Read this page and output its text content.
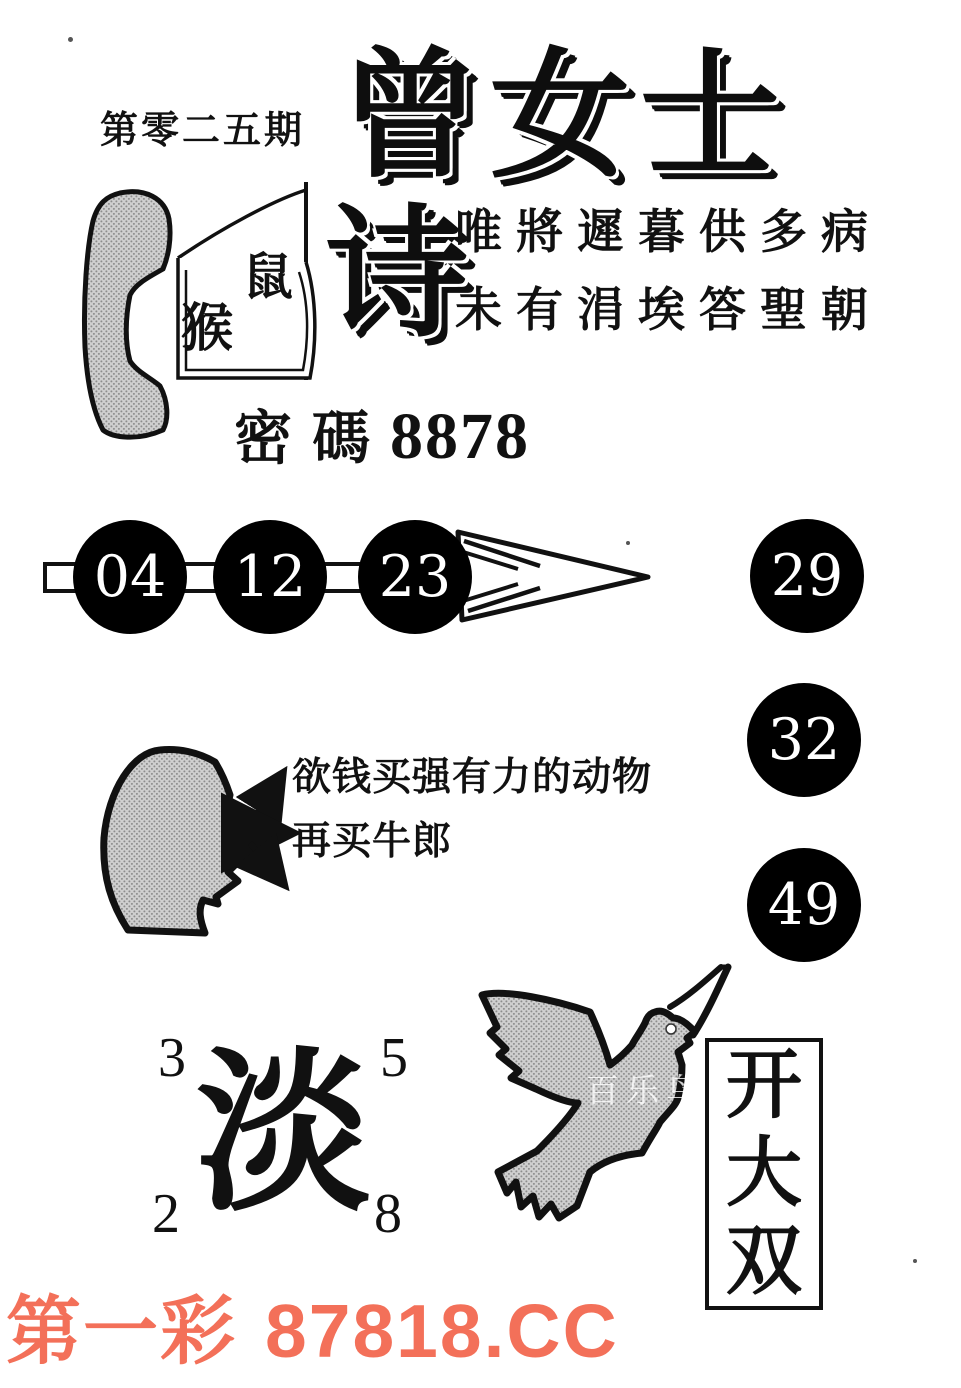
第零二五期 曾女士
鼠
猴 诗
唯將遲暮供多病
未有涓埃答聖朝
密碼 8878
04 12 23	29
32
49
欲钱买强有力的动物
再买牛郎
3	5
淡
2	8
开
大
双
百乐鸟
第一彩 87818.CC
